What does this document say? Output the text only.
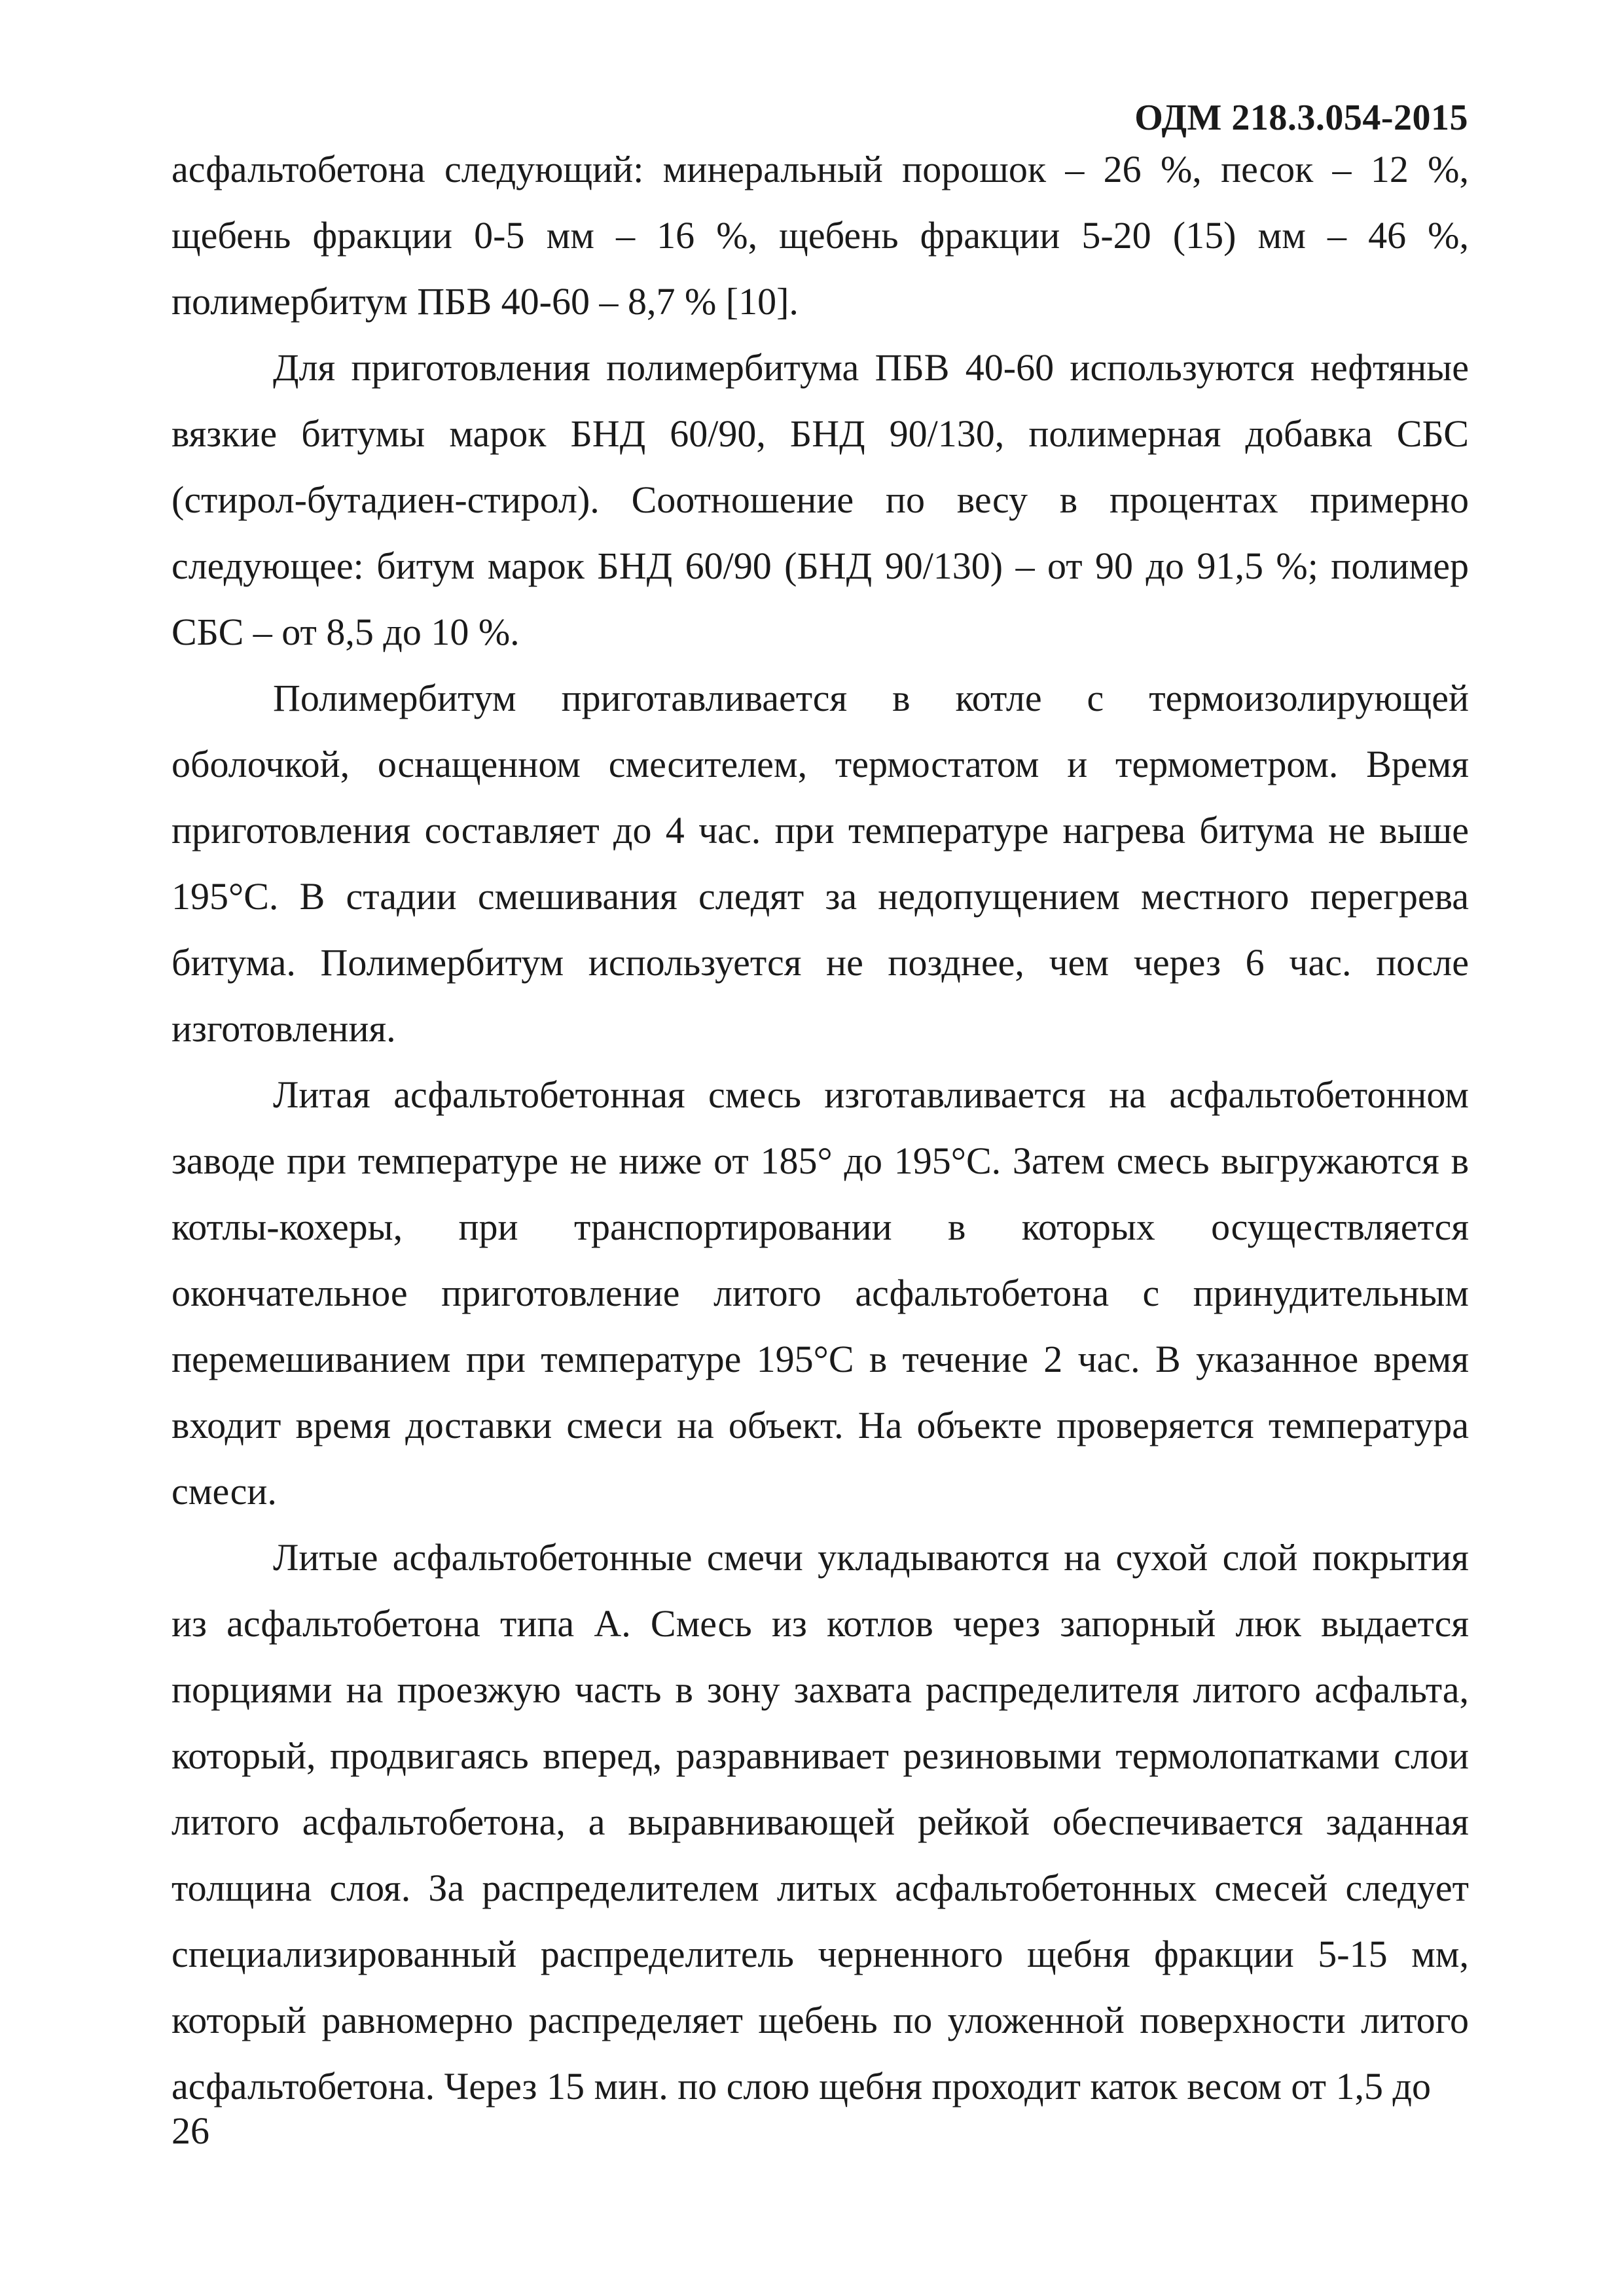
ОДМ 218.3.054-2015

асфальтобетона следующий: минеральный порошок – 26 %, песок – 12 %, щебень фракции 0-5 мм – 16 %, щебень фракции 5-20 (15) мм – 46 %, полимербитум ПБВ 40-60 – 8,7 % [10].

Для приготовления полимербитума ПБВ 40-60 используются нефтяные вязкие битумы марок БНД 60/90, БНД 90/130, полимерная добавка СБС (стирол-бутадиен-стирол). Соотношение по весу в процентах примерно следующее: битум марок БНД 60/90 (БНД 90/130) – от 90 до 91,5 %; полимер СБС – от 8,5 до 10 %.

Полимербитум приготавливается в котле с термоизолирующей оболочкой, оснащенном смесителем, термостатом и термометром. Время приготовления составляет до 4 час. при температуре нагрева битума не выше 195°С. В стадии смешивания следят за недопущением местного перегрева битума. Полимербитум используется не позднее, чем через 6 час. после изготовления.

Литая асфальтобетонная смесь изготавливается на асфальтобетонном заводе при температуре не ниже от 185° до 195°С. Затем смесь выгружаются в котлы-кохеры, при транспортировании в которых осуществляется окончательное приготовление литого асфальтобетона с принудительным перемешиванием при температуре 195°С в течение 2 час. В указанное время входит время доставки смеси на объект. На объекте проверяется температура смеси.

Литые асфальтобетонные смечи укладываются на сухой слой покрытия из асфальтобетона типа А. Смесь из котлов через запорный люк выдается порциями на проезжую часть в зону захвата распределителя литого асфальта, который, продвигаясь вперед, разравнивает резиновыми термолопатками слои литого асфальтобетона, а выравнивающей рейкой обеспечивается заданная толщина слоя. За распределителем литых асфальтобетонных смесей следует специализированный распределитель черненного щебня фракции 5-15 мм, который равномерно распределяет щебень по уложенной поверхности литого асфальтобетона. Через 15 мин. по слою щебня проходит каток весом от 1,5 до

26
